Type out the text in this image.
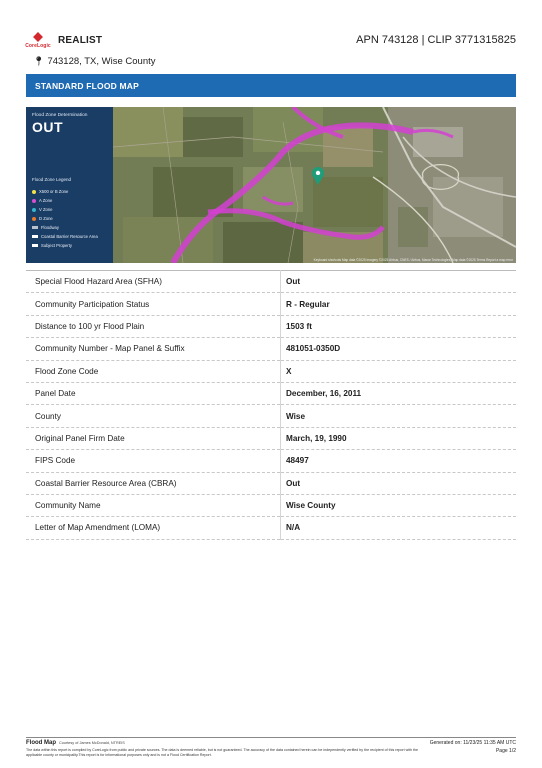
CoreLogic REALIST	APN 743128 | CLIP 3771315825
📍︎ 743128, TX, Wise County
STANDARD FLOOD MAP
Flood Zone Determination
OUT
Flood Zone Legend
X500 or B Zone
A Zone
V Zone
D Zone
Floodway
Coastal Barrier Resource Area
Subject Property
Keyboard shortcuts Map data ©2025 Imagery ©2025 Airbus, CNES / Airbus, Maxar Technologies, Map data ©2025 Terms Report a map error
Special Flood Hazard Area (SFHA)	Out
Community Participation Status	R - Regular
Distance to 100 yr Flood Plain	1503 ft
Community Number - Map Panel & Suffix	481051-0350D
Flood Zone Code	X
Panel Date	December, 16, 2011
County	Wise
Original Panel Firm Date	March, 19, 1990
FIPS Code	48497
Coastal Barrier Resource Area (CBRA)	Out
Community Name	Wise County
Letter of Map Amendment (LOMA)	N/A
Flood Map Courtesy of James McDonald, NTREIS	Generated on: 11/23/25 11:35 AM UTC
The data within this report is compiled by CoreLogic from public and private sources. The data is deemed reliable, but is not guaranteed. The accuracy of the data contained herein can be independently verified by the recipient of this report with the applicable county or municipality.This report is for informational purposes only and is not a Flood Certification Report.
Page 1/2
